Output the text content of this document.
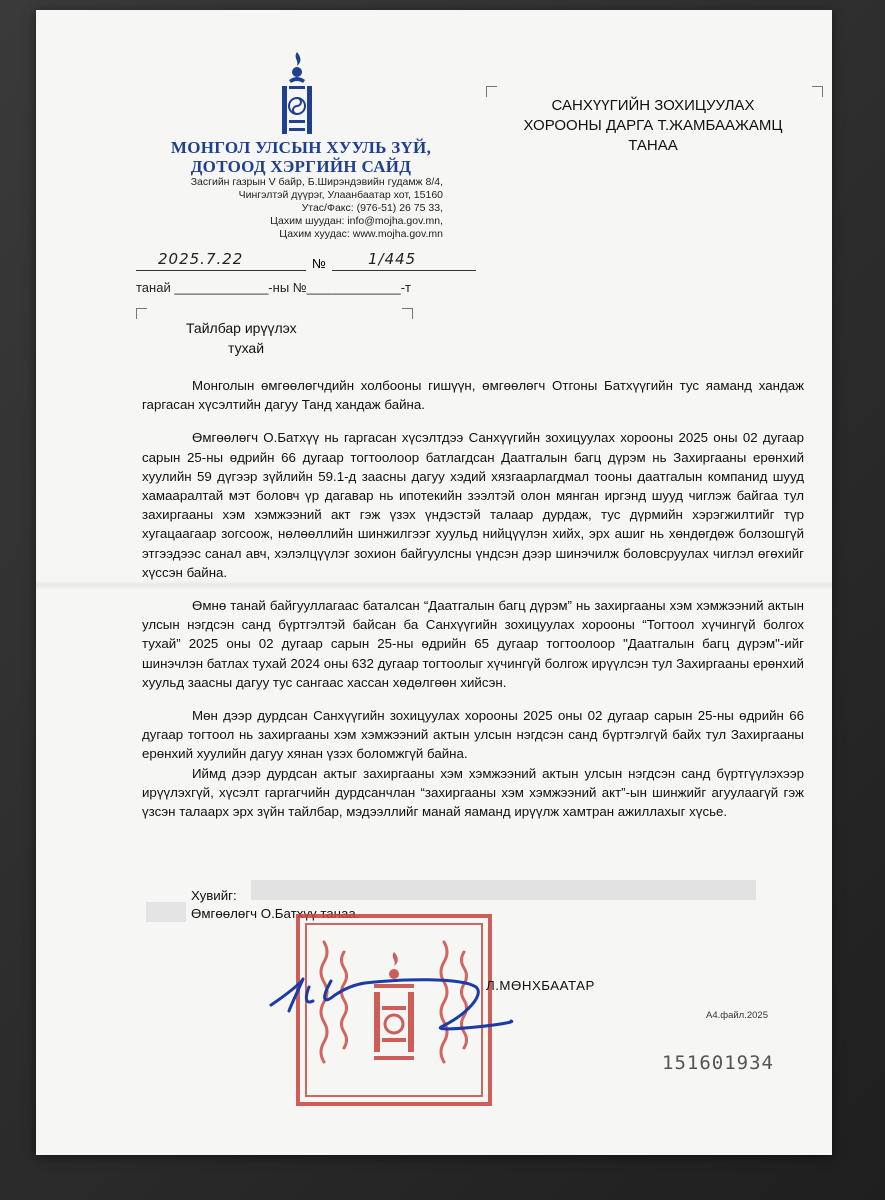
МОНГОЛ УЛСЫН ХУУЛЬ ЗҮЙ,
ДОТООД ХЭРГИЙН САЙД
Засгийн газрын V байр, Б.Ширэндэвийн гудамж 8/4,
Чингэлтэй дүүрэг, Улаанбаатар хот, 15160
Утас/Факс: (976-51) 26 75 33,
Цахим шуудан: info@mojha.gov.mn,
Цахим хуудас: www.mojha.gov.mn
САНХҮҮГИЙН ЗОХИЦУУЛАХ
ХОРООНЫ ДАРГА Т.ЖАМБААЖАМЦ
ТАНАА
2025.7.22	№	1/445
танай _____________-ны №_____________-т
Тайлбар ирүүлэх
тухай

Монголын өмгөөлөгчдийн холбооны гишүүн, өмгөөлөгч Отгоны Батхүүгийн тус яаманд хандаж гаргасан хүсэлтийн дагуу Танд хандаж байна.

Өмгөөлөгч О.Батхүү нь гаргасан хүсэлтдээ Санхүүгийн зохицуулах хорооны 2025 оны 02 дугаар сарын 25-ны өдрийн 66 дугаар тогтоолоор батлагдсан Даатгалын багц дүрэм нь Захиргааны ерөнхий хуулийн 59 дүгээр зүйлийн 59.1-д заасны дагуу хэдий хязгаарлагдмал тооны даатгалын компанид шууд хамааралтай мэт боловч үр дагавар нь ипотекийн зээлтэй олон мянган иргэнд шууд чиглэж байгаа тул захиргааны хэм хэмжээний акт гэж үзэх үндэстэй талаар дурдаж, тус дүрмийн хэрэгжилтийг түр хугацаагаар зогсоож, нөлөөллийн шинжилгээг хуульд нийцүүлэн хийх, эрх ашиг нь хөндөгдөж болзошгүй этгээдээс санал авч, хэлэлцүүлэг зохион байгуулсны үндсэн дээр шинэчилж боловсруулах чиглэл өгөхийг хүссэн байна.

Өмнө танай байгууллагаас баталсан “Даатгалын багц дүрэм” нь захиргааны хэм хэмжээний актын улсын нэгдсэн санд бүртгэлтэй байсан ба Санхүүгийн зохицуулах хорооны “Тогтоол хүчингүй болгох тухай” 2025 оны 02 дугаар сарын 25-ны өдрийн 65 дугаар тогтоолоор "Даатгалын багц дүрэм"-ийг шинэчлэн батлах тухай 2024 оны 632 дугаар тогтоолыг хүчингүй болгож ирүүлсэн тул Захиргааны ерөнхий хуульд заасны дагуу тус сангаас хассан хөдөлгөөн хийсэн.

Мөн дээр дурдсан Санхүүгийн зохицуулах хорооны 2025 оны 02 дугаар сарын 25-ны өдрийн 66 дугаар тогтоол нь захиргааны хэм хэмжээний актын улсын нэгдсэн санд бүртгэлгүй байх тул Захиргааны ерөнхий хуулийн дагуу хянан үзэх боломжгүй байна.

Иймд дээр дурдсан актыг захиргааны хэм хэмжээний актын улсын нэгдсэн санд бүртгүүлэхээр ирүүлэхгүй, хүсэлт гаргагчийн дурдсанчлан “захиргааны хэм хэмжээний акт”-ын шинжийг агуулаагүй гэж үзсэн талаарх эрх зүйн тайлбар, мэдээллийг манай яаманд ирүүлж хамтран ажиллахыг хүсье.

Хувийг:
Өмгөөлөгч О.Батхүү танаа.
Л.МӨНХБААТАР
А4.файл.2025
151601934
